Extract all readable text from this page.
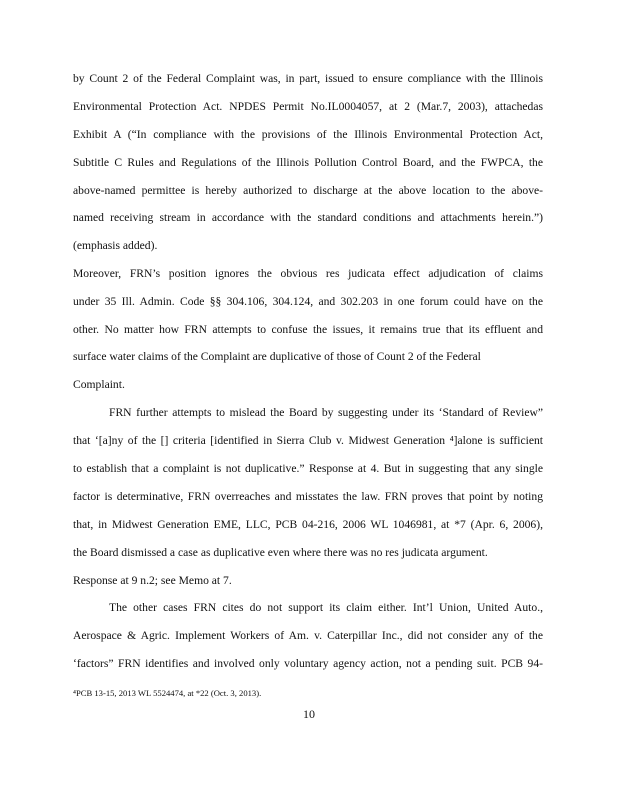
by Count 2 of the Federal Complaint was, in part, issued to ensure compliance with the Illinois
Environmental Protection Act. NPDES Permit No.IL0004057, at 2 (Mar.7, 2003), attachedas
Exhibit A (“In compliance with the provisions of the Illinois Environmental Protection Act,
Subtitle C Rules and Regulations of the Illinois Pollution Control Board, and the FWPCA, the
above-named permittee is hereby authorized to discharge at the above location to the above-
named receiving stream in accordance with the standard conditions and attachments herein.”)
(emphasis added).
Moreover, FRN’s position ignores the obvious res judicata effect adjudication of claims
under 35 Ill. Admin. Code §§ 304.106, 304.124, and 302.203 in one forum could have on the
other. No matter how FRN attempts to confuse the issues, it remains true that its effluent and
surface water claims of the Complaint are duplicative of those of Count 2 of the Federal
Complaint.
FRN further attempts to mislead the Board by suggesting under its ‘Standard of Review”
that ‘[a]ny of the [] criteria [identified in Sierra Club v. Midwest Generation ⁴]alone is sufficient
to establish that a complaint is not duplicative.” Response at 4. But in suggesting that any single
factor is determinative, FRN overreaches and misstates the law. FRN proves that point by noting
that, in Midwest Generation EME, LLC, PCB 04-216, 2006 WL 1046981, at *7 (Apr. 6, 2006),
the Board dismissed a case as duplicative even where there was no res judicata argument.
Response at 9 n.2; see Memo at 7.
The other cases FRN cites do not support its claim either. Int’l Union, United Auto.,
Aerospace & Agric. Implement Workers of Am. v. Caterpillar Inc., did not consider any of the
‘factors” FRN identifies and involved only voluntary agency action, not a pending suit. PCB 94-
⁴PCB 13-15, 2013 WL 5524474, at *22 (Oct. 3, 2013).
10
